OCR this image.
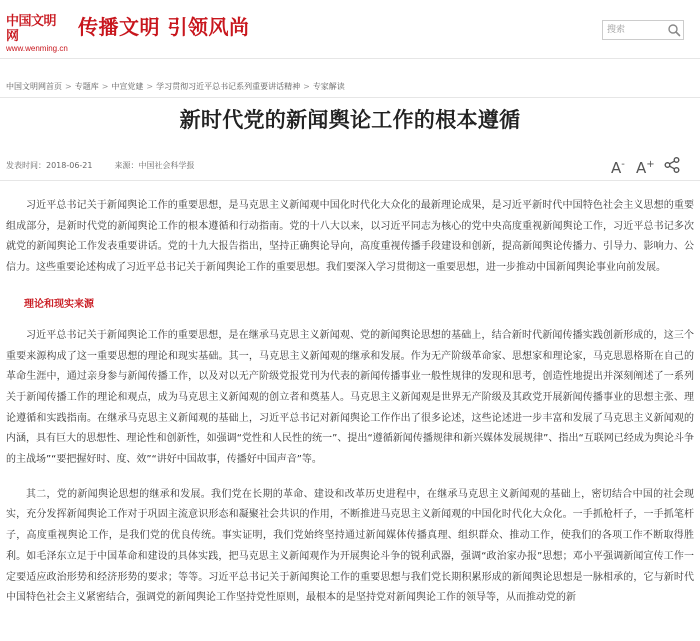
中国文明网
www.wenming.cn
传播文明 引领风尚
搜索
中国文明网首页 > 专题库 > 中宣党建 > 学习贯彻习近平总书记系列重要讲话精神 > 专家解读
新时代党的新闻舆论工作的根本遵循
发表时间：2018-06-21	来源：中国社会科学报	A- A+

习近平总书记关于新闻舆论工作的重要思想，是马克思主义新闻观中国化时代化大众化的最新理论成果，是习近平新时代中国特色社会主义思想的重要组成部分，是新时代党的新闻舆论工作的根本遵循和行动指南。党的十八大以来，以习近平同志为核心的党中央高度重视新闻舆论工作，习近平总书记多次就党的新闻舆论工作发表重要讲话。党的十九大报告指出，坚持正确舆论导向，高度重视传播手段建设和创新，提高新闻舆论传播力、引导力、影响力、公信力。这些重要论述构成了习近平总书记关于新闻舆论工作的重要思想。我们要深入学习贯彻这一重要思想，进一步推动中国新闻舆论事业向前发展。

理论和现实来源

习近平总书记关于新闻舆论工作的重要思想，是在继承马克思主义新闻观、党的新闻舆论思想的基础上，结合新时代新闻传播实践创新形成的，这三个重要来源构成了这一重要思想的理论和现实基础。其一，马克思主义新闻观的继承和发展。作为无产阶级革命家、思想家和理论家，马克思恩格斯在自己的革命生涯中，通过亲身参与新闻传播工作，以及对以无产阶级党报党刊为代表的新闻传播事业一般性规律的发现和思考，创造性地提出并深刻阐述了一系列关于新闻传播工作的理论和观点，成为马克思主义新闻观的创立者和奠基人。马克思主义新闻观是世界无产阶级及其政党开展新闻传播事业的思想主张、理论遵循和实践指南。在继承马克思主义新闻观的基础上，习近平总书记对新闻舆论工作作出了很多论述，这些论述进一步丰富和发展了马克思主义新闻观的内涵，具有巨大的思想性、理论性和创新性，如强调“党性和人民性的统一”、提出“遵循新闻传播规律和新兴媒体发展规律”、指出“互联网已经成为舆论斗争的主战场”“要把握好时、度、效”“讲好中国故事，传播好中国声音”等。

其二，党的新闻舆论思想的继承和发展。我们党在长期的革命、建设和改革历史进程中，在继承马克思主义新闻观的基础上，密切结合中国的社会现实，充分发挥新闻舆论工作对于巩固主流意识形态和凝聚社会共识的作用，不断推进马克思主义新闻观的中国化时代化大众化。一手抓枪杆子，一手抓笔杆子，高度重视舆论工作，是我们党的优良传统。事实证明，我们党始终坚持通过新闻媒体传播真理、组织群众、推动工作，使我们的各项工作不断取得胜利。如毛泽东立足于中国革命和建设的具体实践，把马克思主义新闻观作为开展舆论斗争的锐利武器，强调“政治家办报”思想；邓小平强调新闻宣传工作一定要适应政治形势和经济形势的要求；等等。习近平总书记关于新闻舆论工作的重要思想与我们党长期积累形成的新闻舆论思想是一脉相承的，它与新时代中国特色社会主义紧密结合，强调党的新闻舆论工作坚持党性原则，最根本的是坚持党对新闻舆论工作的领导等，从而推动党的新
